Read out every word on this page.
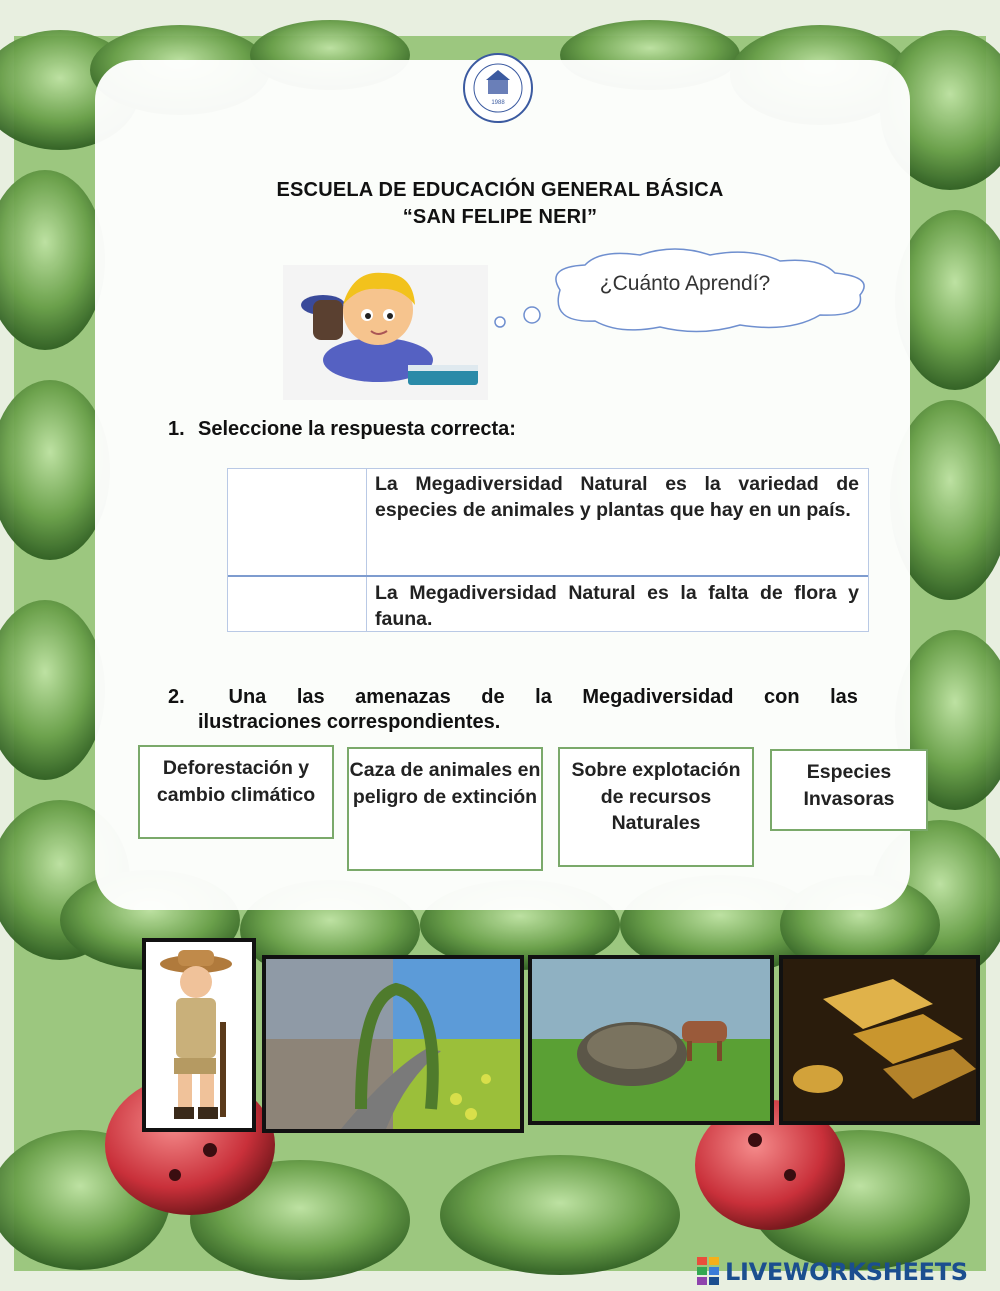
1988
ESCUELA DE EDUCACIÓN GENERAL BÁSICA
“SAN FELIPE NERI”
¿Cuánto Aprendí?
1. Seleccione la respuesta correcta:
La Megadiversidad Natural es la variedad de especies de animales y plantas que hay en un país.
La Megadiversidad Natural es la falta de flora y fauna.
2.	Una las amenazas de la Megadiversidad con las
ilustraciones correspondientes.
Deforestación y cambio climático
Caza de animales en peligro de extinción
Sobre explotación de recursos Naturales
Especies Invasoras
LIVEWORKSHEETS
